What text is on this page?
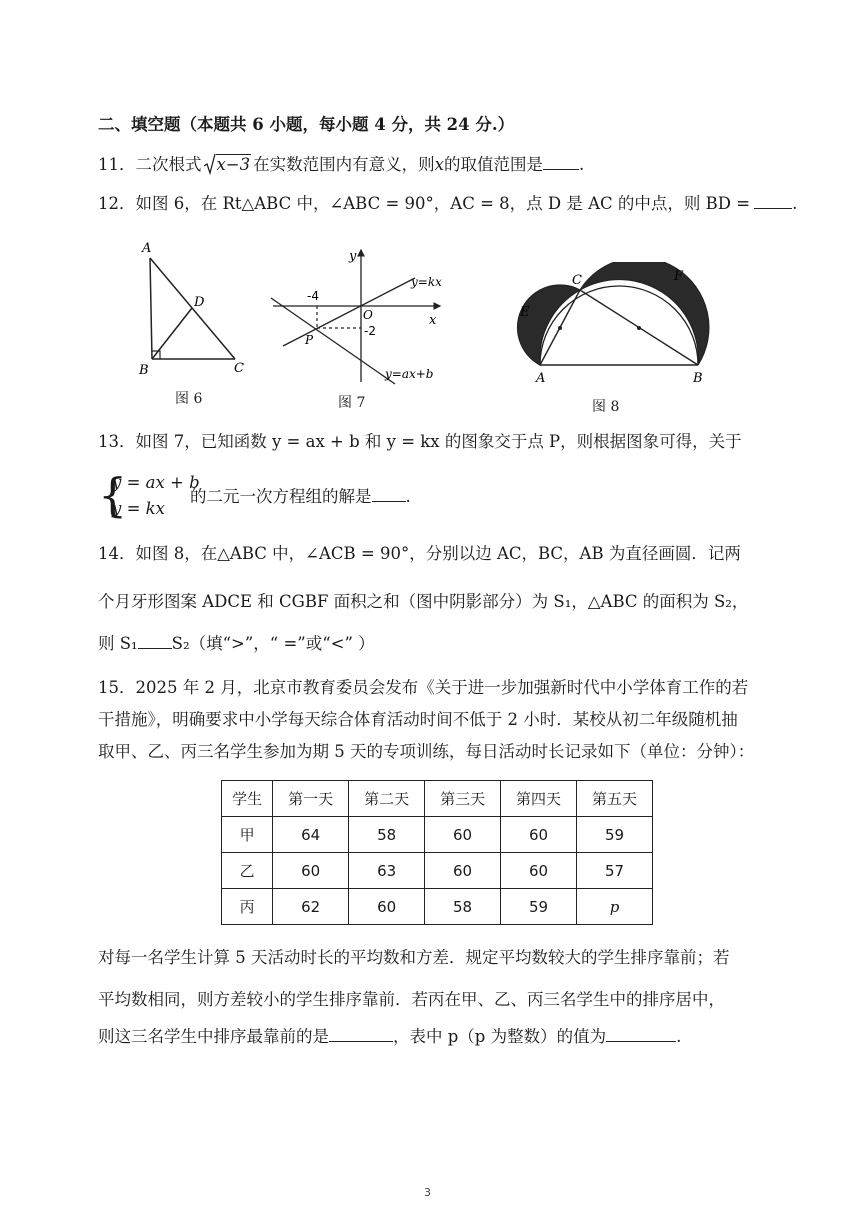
二、填空题（本题共 6 小题，每小题 4 分，共 24 分.）
11．二次根式 x−3 在实数范围内有意义，则x的取值范围是 .
12．如图 6，在 Rt△ABC 中，∠ABC = 90°，AC = 8，点 D 是 AC 的中点，则 BD =	.
A
D
B	C
图 6
y
x
O
-4
-2
P
y=kx
y=ax+b
图 7
C	F
E
A	B
图 8
13．如图 7，已知函数 y = ax + b 和 y = kx 的图象交于点 P，则根据图象可得，关于
{
y = ax + b
y = kx
的二元一次方程组的解是 .
14．如图 8，在△ABC 中，∠ACB = 90°，分别以边 AC，BC，AB 为直径画圆．记两
个月牙形图案 ADCE 和 CGBF 面积之和（图中阴影部分）为 S₁，△ABC 的面积为 S₂，
则 S₁ S₂（填“>”，“ =”或“<” ）
15．2025 年 2 月，北京市教育委员会发布《关于进一步加强新时代中小学体育工作的若
干措施》，明确要求中小学每天综合体育活动时间不低于 2 小时．某校从初二年级随机抽
取甲、乙、丙三名学生参加为期 5 天的专项训练，每日活动时长记录如下（单位：分钟）：
学生	第一天	第二天	第三天	第四天	第五天
甲	64	58	60	60	59
乙	60	63	60	60	57
丙	62	60	58	59	p
对每一名学生计算 5 天活动时长的平均数和方差．规定平均数较大的学生排序靠前；若
平均数相同，则方差较小的学生排序靠前．若丙在甲、乙、丙三名学生中的排序居中，
则这三名学生中排序最靠前的是	，表中 p（p 为整数）的值为	.
3
